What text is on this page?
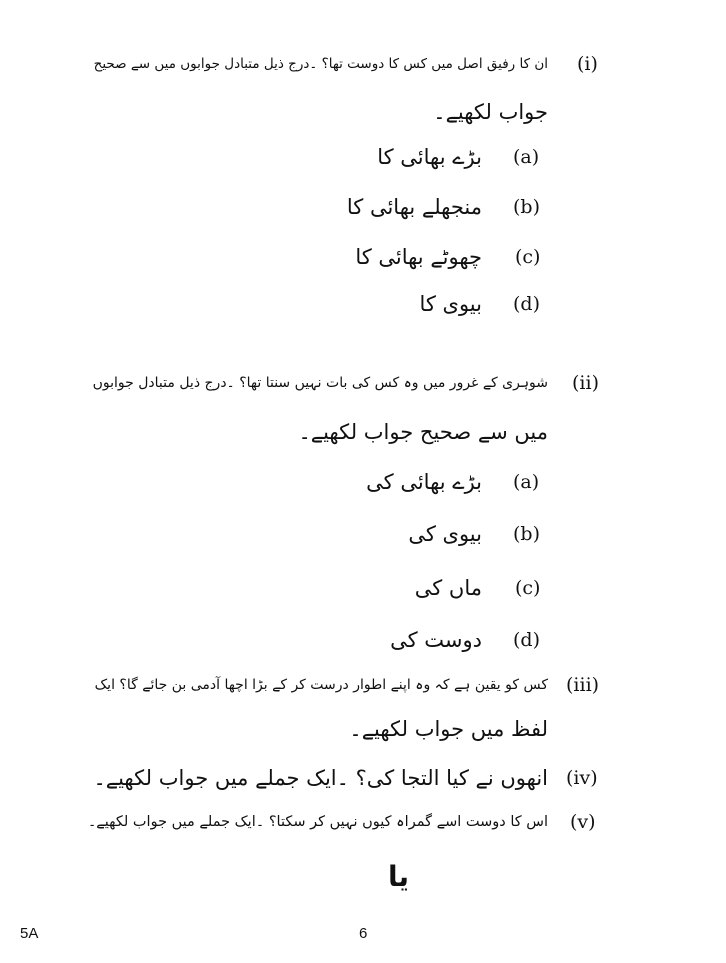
(i)
ان کا رفیق اصل میں کس کا دوست تھا؟ ۔درج ذیل متبادل جوابوں میں سے صحیح
جواب لکھیے۔
(a)
بڑے بھائی کا
(b)
منجھلے بھائی کا
(c)
چھوٹے بھائی کا
(d)
بیوی کا
(ii)
شوہری کے غرور میں وہ کس کی بات نہیں سنتا تھا؟ ۔درج ذیل متبادل جوابوں
میں سے صحیح جواب لکھیے۔
(a)
بڑے بھائی کی
(b)
بیوی کی
(c)
ماں کی
(d)
دوست کی
(iii)
کس کو یقین ہے کہ وہ اپنے اطوار درست کر کے بڑا اچھا آدمی بن جائے گا؟ ایک
لفظ میں جواب لکھیے۔
(iv)
انھوں نے کیا التجا کی؟ ۔ایک جملے میں جواب لکھیے۔
(v)
اس کا دوست اسے گمراہ کیوں نہیں کر سکتا؟ ۔ایک جملے میں جواب لکھیے۔
یا
5A	6
